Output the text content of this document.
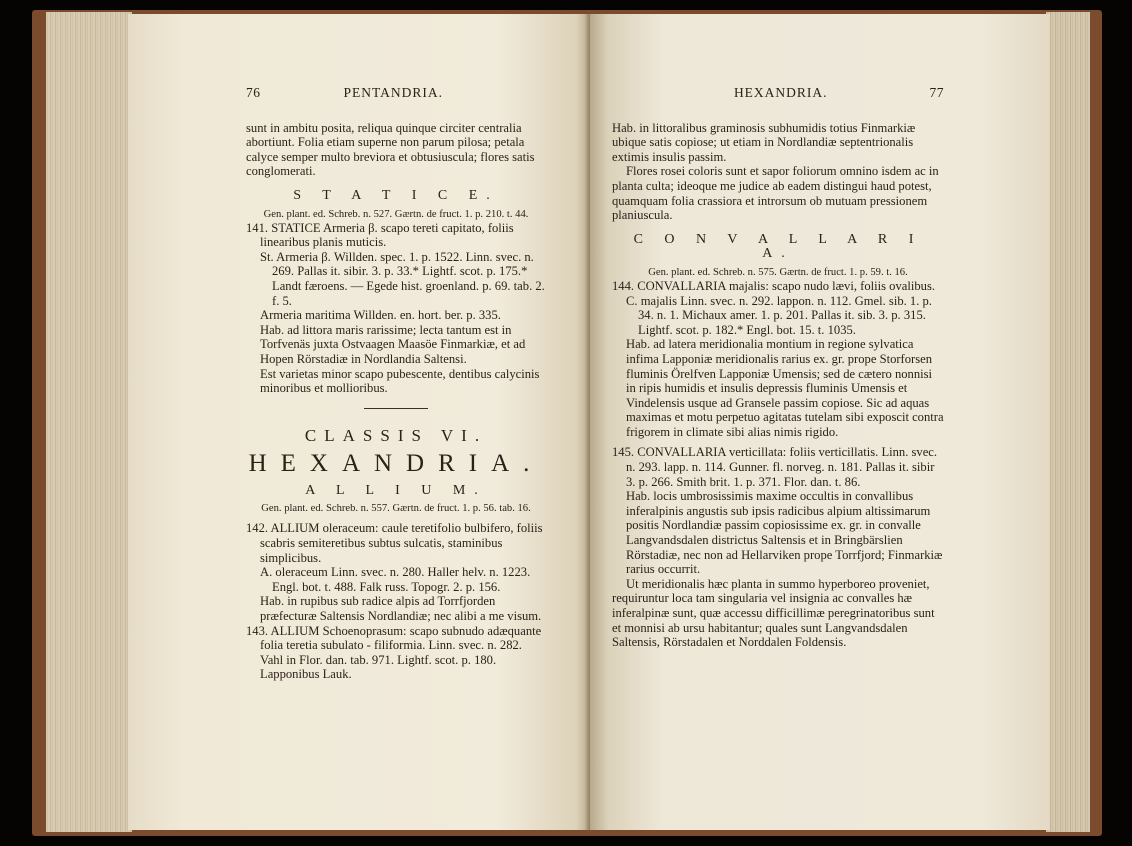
76	PENTANDRIA.

sunt in ambitu posita, reliqua quinque circiter centralia abortiunt. Folia etiam superne non parum pilosa; petala calyce semper multo breviora et obtusiuscula; flores satis conglomerati.

S T A T I C E.

Gen. plant. ed. Schreb. n. 527. Gærtn. de fruct. 1. p. 210. t. 44.

141. STATICE Armeria β. scapo tereti capitato, foliis linearibus planis muticis.

St. Armeria β. Willden. spec. 1. p. 1522. Linn. svec. n. 269. Pallas it. sibir. 3. p. 33.* Lightf. scot. p. 175.* Landt færoens. — Egede hist. groenland. p. 69. tab. 2. f. 5.

Armeria maritima Willden. en. hort. ber. p. 335.

Hab. ad littora maris rarissime; lecta tantum est in Torfvenäs juxta Ostvaagen Maasöe Finmarkiæ, et ad Hopen Rörstadiæ in Nordlandia Saltensi.

Est varietas minor scapo pubescente, dentibus calycinis minoribus et mollioribus.

CLASSIS VI.
HEXANDRIA.
A L L I U M.

Gen. plant. ed. Schreb. n. 557. Gærtn. de fruct. 1. p. 56. tab. 16.

142. ALLIUM oleraceum: caule teretifolio bulbifero, foliis scabris semiteretibus subtus sulcatis, staminibus simplicibus.

A. oleraceum Linn. svec. n. 280. Haller helv. n. 1223. Engl. bot. t. 488. Falk russ. Topogr. 2. p. 156.

Hab. in rupibus sub radice alpis ad Torrfjorden præfecturæ Saltensis Nordlandiæ; nec alibi a me visum.

143. ALLIUM Schoenoprasum: scapo subnudo adæquante folia teretia subulato - filiformia. Linn. svec. n. 282. Vahl in Flor. dan. tab. 971. Lightf. scot. p. 180.

Lapponibus Lauk.

HEXANDRIA.	77

Hab. in littoralibus graminosis subhumidis totius Finmarkiæ ubique satis copiose; ut etiam in Nordlandiæ septentrionalis extimis insulis passim.

Flores rosei coloris sunt et sapor foliorum omnino isdem ac in planta culta; ideoque me judice ab eadem distingui haud potest, quamquam folia crassiora et introrsum ob mutuam pressionem planiuscula.

C O N V A L L A R I A.

Gen. plant. ed. Schreb. n. 575. Gærtn. de fruct. 1. p. 59. t. 16.

144. CONVALLARIA majalis: scapo nudo lævi, foliis ovalibus.

C. majalis Linn. svec. n. 292. lappon. n. 112. Gmel. sib. 1. p. 34. n. 1. Michaux amer. 1. p. 201. Pallas it. sib. 3. p. 315. Lightf. scot. p. 182.* Engl. bot. 15. t. 1035.

Hab. ad latera meridionalia montium in regione sylvatica infima Lapponiæ meridionalis rarius ex. gr. prope Storforsen fluminis Örelfven Lapponiæ Umensis; sed de cætero nonnisi in ripis humidis et insulis depressis fluminis Umensis et Vindelensis usque ad Gransele passim copiose. Sic ad aquas maximas et motu perpetuo agitatas tutelam sibi exposcit contra frigorem in climate sibi alias nimis rigido.

145. CONVALLARIA verticillata: foliis verticillatis. Linn. svec. n. 293. lapp. n. 114. Gunner. fl. norveg. n. 181. Pallas it. sibir 3. p. 266. Smith brit. 1. p. 371. Flor. dan. t. 86.

Hab. locis umbrosissimis maxime occultis in convallibus inferalpinis angustis sub ipsis radicibus alpium altissimarum positis Nordlandiæ passim copiosissime ex. gr. in convalle Langvandsdalen districtus Saltensis et in Bringbärslien Rörstadiæ, nec non ad Hellarviken prope Torrfjord; Finmarkiæ rarius occurrit.

Ut meridionalis hæc planta in summo hyperboreo proveniet, requiruntur loca tam singularia vel insignia ac convalles hæ inferalpinæ sunt, quæ accessu difficillimæ peregrinatoribus sunt et monnisi ab ursu habitantur; quales sunt Langvandsdalen Saltensis, Rörstadalen et Norddalen Foldensis.
